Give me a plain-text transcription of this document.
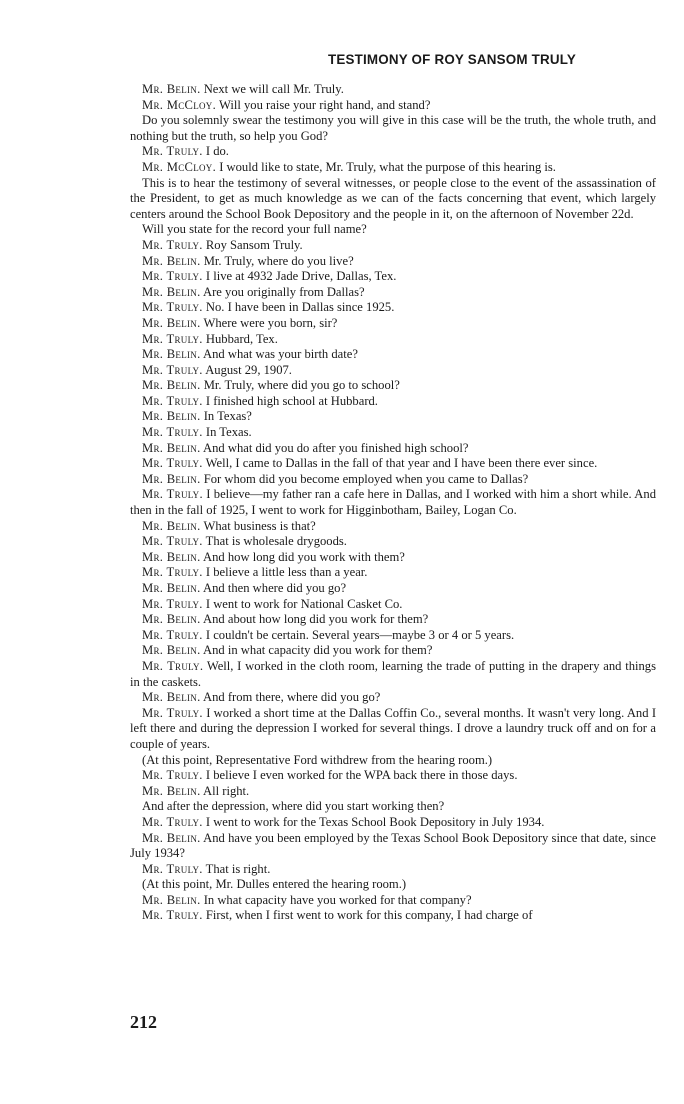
TESTIMONY OF ROY SANSOM TRULY

Mr. Belin. Next we will call Mr. Truly.

Mr. McCloy. Will you raise your right hand, and stand?

Do you solemnly swear the testimony you will give in this case will be the truth, the whole truth, and nothing but the truth, so help you God?

Mr. Truly. I do.

Mr. McCloy. I would like to state, Mr. Truly, what the purpose of this hearing is.

This is to hear the testimony of several witnesses, or people close to the event of the assassination of the President, to get as much knowledge as we can of the facts concerning that event, which largely centers around the School Book Depository and the people in it, on the afternoon of November 22d.

Will you state for the record your full name?

Mr. Truly. Roy Sansom Truly.

Mr. Belin. Mr. Truly, where do you live?

Mr. Truly. I live at 4932 Jade Drive, Dallas, Tex.

Mr. Belin. Are you originally from Dallas?

Mr. Truly. No. I have been in Dallas since 1925.

Mr. Belin. Where were you born, sir?

Mr. Truly. Hubbard, Tex.

Mr. Belin. And what was your birth date?

Mr. Truly. August 29, 1907.

Mr. Belin. Mr. Truly, where did you go to school?

Mr. Truly. I finished high school at Hubbard.

Mr. Belin. In Texas?

Mr. Truly. In Texas.

Mr. Belin. And what did you do after you finished high school?

Mr. Truly. Well, I came to Dallas in the fall of that year and I have been there ever since.

Mr. Belin. For whom did you become employed when you came to Dallas?

Mr. Truly. I believe—my father ran a cafe here in Dallas, and I worked with him a short while. And then in the fall of 1925, I went to work for Higginbotham, Bailey, Logan Co.

Mr. Belin. What business is that?

Mr. Truly. That is wholesale drygoods.

Mr. Belin. And how long did you work with them?

Mr. Truly. I believe a little less than a year.

Mr. Belin. And then where did you go?

Mr. Truly. I went to work for National Casket Co.

Mr. Belin. And about how long did you work for them?

Mr. Truly. I couldn't be certain. Several years—maybe 3 or 4 or 5 years.

Mr. Belin. And in what capacity did you work for them?

Mr. Truly. Well, I worked in the cloth room, learning the trade of putting in the drapery and things in the caskets.

Mr. Belin. And from there, where did you go?

Mr. Truly. I worked a short time at the Dallas Coffin Co., several months. It wasn't very long. And I left there and during the depression I worked for several things. I drove a laundry truck off and on for a couple of years.

(At this point, Representative Ford withdrew from the hearing room.)

Mr. Truly. I believe I even worked for the WPA back there in those days.

Mr. Belin. All right.

And after the depression, where did you start working then?

Mr. Truly. I went to work for the Texas School Book Depository in July 1934.

Mr. Belin. And have you been employed by the Texas School Book Depository since that date, since July 1934?

Mr. Truly. That is right.

(At this point, Mr. Dulles entered the hearing room.)

Mr. Belin. In what capacity have you worked for that company?

Mr. Truly. First, when I first went to work for this company, I had charge of

212
